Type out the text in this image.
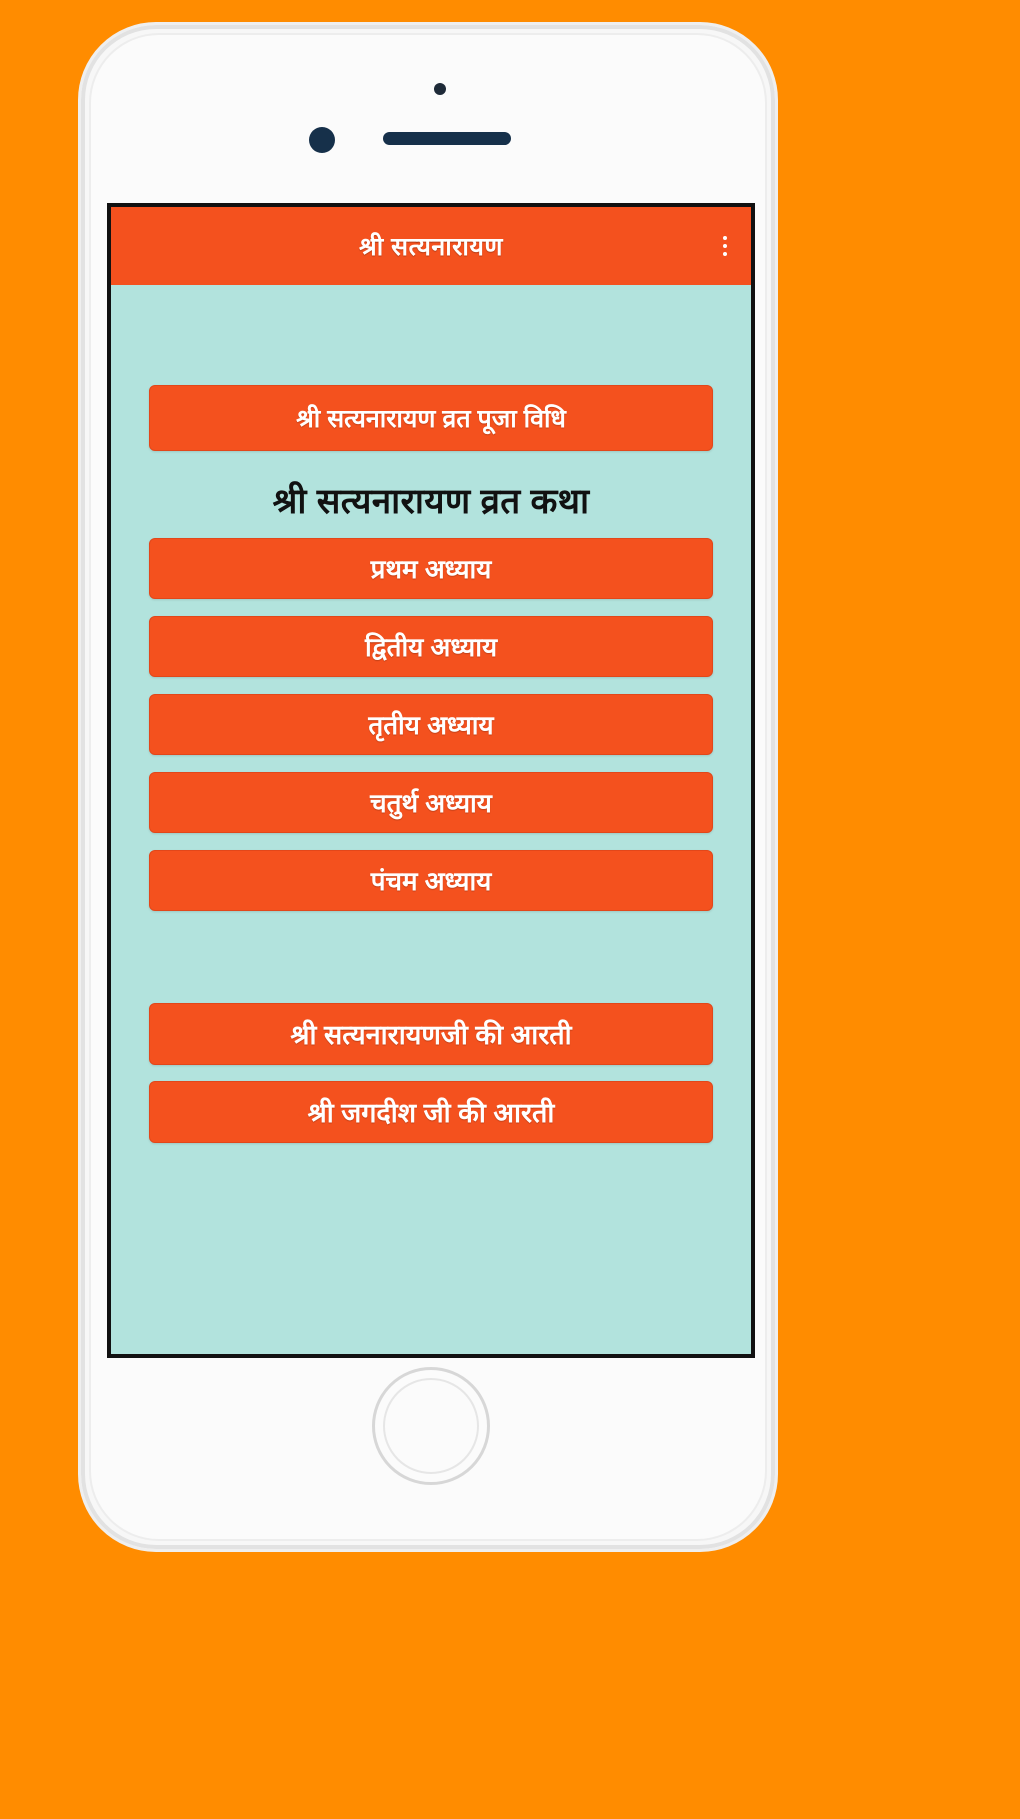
श्री सत्यनारायण
श्री सत्यनारायण व्रत पूजा विधि
श्री सत्यनारायण व्रत कथा
प्रथम अध्याय
द्वितीय अध्याय
तृतीय अध्याय
चतुर्थ अध्याय
पंचम अध्याय
श्री सत्यनारायणजी की आरती
श्री जगदीश जी की आरती
